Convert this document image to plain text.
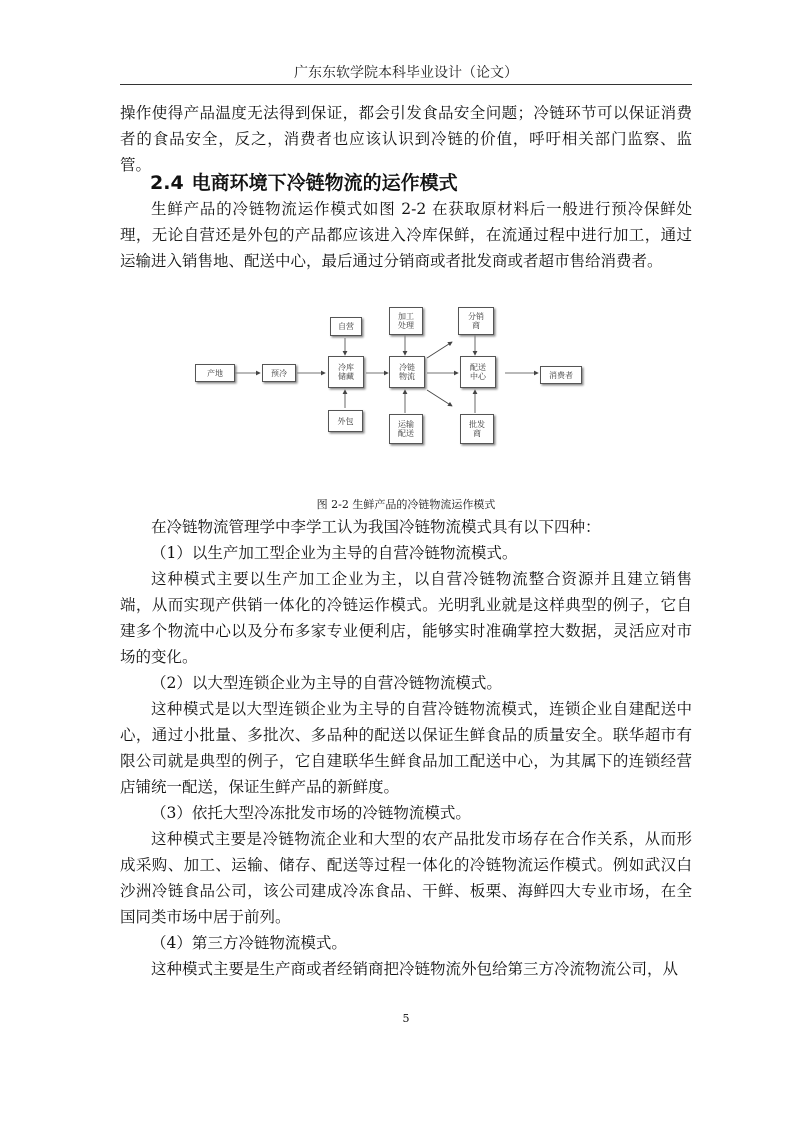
广东东软学院本科毕业设计（论文）

操作使得产品温度无法得到保证，都会引发食品安全问题；冷链环节可以保证消费者的食品安全，反之，消费者也应该认识到冷链的价值，呼吁相关部门监察、监管。

2.4 电商环境下冷链物流的运作模式

生鲜产品的冷链物流运作模式如图 2-2 在获取原材料后一般进行预冷保鲜处理，无论自营还是外包的产品都应该进入冷库保鲜，在流通过程中进行加工，通过运输进入销售地、配送中心，最后通过分销商或者批发商或者超市售给消费者。

产地	预冷
自营
冷库
储藏
外包
加工
处理
冷链
物流
运输
配送
分销
商
配送
中心
批发
商
消费者
图 2-2 生鲜产品的冷链物流运作模式

在冷链物流管理学中李学工认为我国冷链物流模式具有以下四种：

（1）以生产加工型企业为主导的自营冷链物流模式。

这种模式主要以生产加工企业为主，以自营冷链物流整合资源并且建立销售端，从而实现产供销一体化的冷链运作模式。光明乳业就是这样典型的例子，它自建多个物流中心以及分布多家专业便利店，能够实时准确掌控大数据，灵活应对市场的变化。

（2）以大型连锁企业为主导的自营冷链物流模式。

这种模式是以大型连锁企业为主导的自营冷链物流模式，连锁企业自建配送中心，通过小批量、多批次、多品种的配送以保证生鲜食品的质量安全。联华超市有限公司就是典型的例子，它自建联华生鲜食品加工配送中心，为其属下的连锁经营店铺统一配送，保证生鲜产品的新鲜度。

（3）依托大型冷冻批发市场的冷链物流模式。

这种模式主要是冷链物流企业和大型的农产品批发市场存在合作关系，从而形成采购、加工、运输、储存、配送等过程一体化的冷链物流运作模式。例如武汉白沙洲冷链食品公司，该公司建成冷冻食品、干鲜、板栗、海鲜四大专业市场，在全国同类市场中居于前列。

（4）第三方冷链物流模式。

这种模式主要是生产商或者经销商把冷链物流外包给第三方冷流物流公司，从

5
